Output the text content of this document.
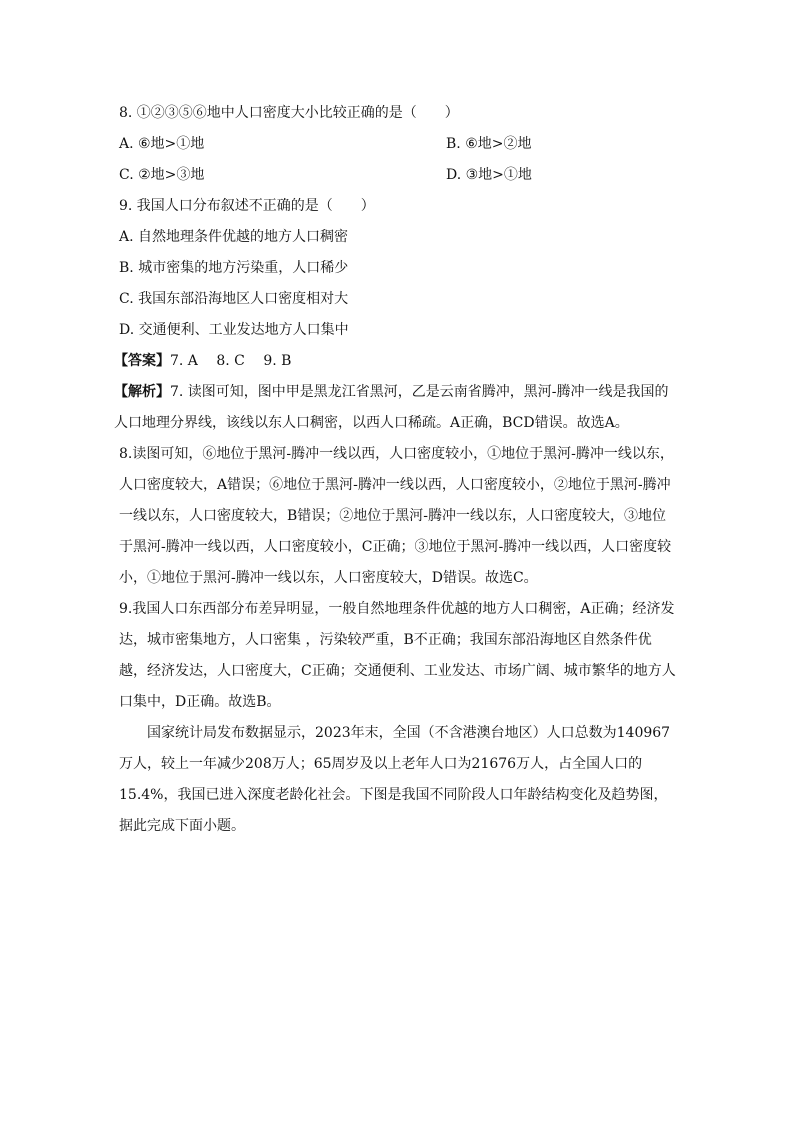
8. ①②③⑤⑥地中人口密度大小比较正确的是（　　）
A. ⑥地>①地	B. ⑥地>②地
C. ②地>③地	D. ③地>①地
9. 我国人口分布叙述不正确的是（　　）
A. 自然地理条件优越的地方人口稠密
B. 城市密集的地方污染重，人口稀少
C. 我国东部沿海地区人口密度相对大
D. 交通便利、工业发达地方人口集中
【答案】7. A　 8. C　 9. B

【解析】7. 读图可知，图中甲是黑龙江省黑河，乙是云南省腾冲，黑河-腾冲一线是我国的人口地理分界线，该线以东人口稠密，以西人口稀疏。A正确，BCD错误。故选A。

8.读图可知，⑥地位于黑河-腾冲一线以西，人口密度较小，①地位于黑河-腾冲一线以东，人口密度较大，A错误；⑥地位于黑河-腾冲一线以西，人口密度较小，②地位于黑河-腾冲一线以东，人口密度较大，B错误；②地位于黑河-腾冲一线以东，人口密度较大，③地位于黑河-腾冲一线以西，人口密度较小，C正确；③地位于黑河-腾冲一线以西，人口密度较小，①地位于黑河-腾冲一线以东，人口密度较大，D错误。故选C。

9.我国人口东西部分布差异明显，一般自然地理条件优越的地方人口稠密，A正确；经济发达，城市密集地方，人口密集 ，污染较严重，B不正确；我国东部沿海地区自然条件优越，经济发达，人口密度大，C正确；交通便利、工业发达、市场广阔、城市繁华的地方人口集中，D正确。故选B。

国家统计局发布数据显示，2023年末，全国（不含港澳台地区）人口总数为140967万人，较上一年减少208万人；65周岁及以上老年人口为21676万人，占全国人口的15.4%，我国已进入深度老龄化社会。下图是我国不同阶段人口年龄结构变化及趋势图，据此完成下面小题。
